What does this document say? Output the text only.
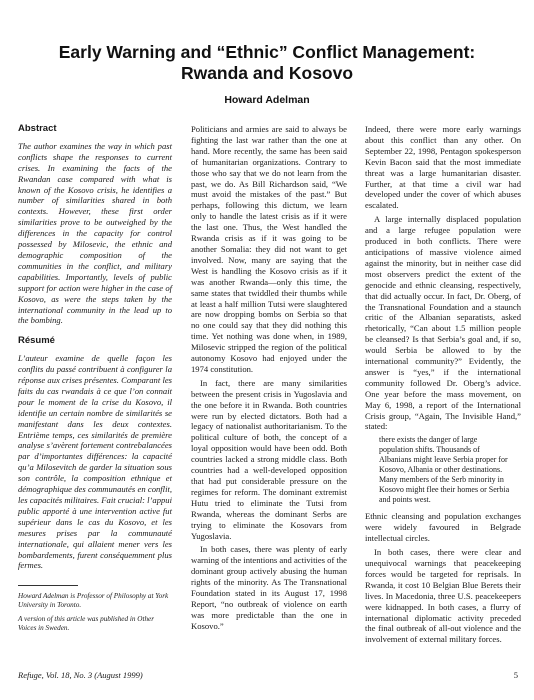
Early Warning and “Ethnic” Conflict Management: Rwanda and Kosovo
Howard Adelman
Abstract

The author examines the way in which past conflicts shape the responses to current crises. In examining the facts of the Rwandan case compared with what is known of the Kosovo crisis, he identifies a number of similarities shared in both contexts. However, these first order similarities prove to be outweighed by the differences in the capacity for control possessed by Milosevic, the ethnic and demographic composition of the communities in the conflict, and military capabilities. Importantly, levels of public support for action were higher in the case of Kosovo, as were the steps taken by the international community in the lead up to the bombing.

Résumé

L’auteur examine de quelle façon les conflits du passé contribuent à configurer la réponse aux crises présentes. Comparant les faits du cas rwandais à ce que l’on connait pour le moment de la crise du Kosovo, il identifie un certain nombre de similarités se manifestant dans les deux contextes. Entrième temps, ces similarités de première analyse s’avèrent fortement contrebalancées par d’importantes différences: la capacité qu’a Milosevitch de garder la situation sous son contrôle, la composition ethnique et démographique des communautés en conflit, les capacités militaires. Fait crucial: l’appui public apporté à une intervention active fut supérieur dans le cas du Kosovo, et les mesures prises par la communauté internationale, qui allaient mener vers les bombardements, furent conséquemment plus fermes.

Howard Adelman is Professor of Philosophy at York University in Toronto.
A version of this article was published in Other Voices in Sweden.

Politicians and armies are said to always be fighting the last war rather than the one at hand. More recently, the same has been said of humanitarian organizations. Contrary to those who say that we do not learn from the past, we do. As Bill Richardson said, “We must avoid the mistakes of the past.” But perhaps, following this dictum, we learn only to handle the latest crisis as if it were the last one. Thus, the West handled the Rwanda crisis as if it was going to be another Somalia: they did not want to get involved. Now, many are saying that the West is handling the Kosovo crisis as if it was another Rwanda—only this time, the same states that twiddled their thumbs while at least a half million Tutsi were slaughtered are now dropping bombs on Serbia so that no one could say that they did nothing this time. Yet nothing was done when, in 1989, Milosevic stripped the region of the political autonomy Kosovo had enjoyed under the 1974 constitution.

In fact, there are many similarities between the present crisis in Yugoslavia and the one before it in Rwanda. Both countries were run by elected dictators. Both had a legacy of nationalist authoritarianism. To the political culture of both, the concept of a loyal opposition would have been odd. Both countries lacked a strong middle class. Both countries had a well-developed opposition that had put considerable pressure on the regimes for reform. The dominant extremist Hutu tried to eliminate the Tutsi from Rwanda, whereas the dominant Serbs are trying to eliminate the Kosovars from Yugoslavia.

In both cases, there was plenty of early warning of the intentions and activities of the dominant group actively abusing the human rights of the minority. As The Transnational Foundation stated in its August 17, 1998 Report, “no outbreak of violence on earth was more predictable than the one in Kosovo.”

Indeed, there were more early warnings about this conflict than any other. On September 22, 1998, Pentagon spokesperson Kevin Bacon said that the most immediate threat was a large humanitarian disaster. Further, at that time a civil war had developed under the cover of which abuses escalated.

A large internally displaced population and a large refugee population were produced in both conflicts. There were anticipations of massive violence aimed against the minority, but in neither case did most observers predict the extent of the genocide and ethnic cleansing, respectively, that did actually occur. In fact, Dr. Oberg, of the Transnational Foundation and a staunch critic of the Albanian separatists, asked rhetorically, “Can about 1.5 million people be cleansed? Is that Serbia’s goal and, if so, would Serbia be allowed to by the international community?” Evidently, the answer is “yes,” if the international community followed Dr. Oberg’s advice. One year before the mass movement, on May 6, 1998, a report of the International Crisis group, “Again, The Invisible Hand,” stated:

there exists the danger of large population shifts. Thousands of Albanians might leave Serbia proper for Kosovo, Albania or other destinations. Many members of the Serb minority in Kosovo might flee their homes or Serbia and points west.

Ethnic cleansing and population exchanges were widely favoured in Belgrade intellectual circles.

In both cases, there were clear and unequivocal warnings that peacekeeping forces would be targeted for reprisals. In Rwanda, it cost 10 Belgian Blue Berets their lives. In Macedonia, three U.S. peacekeepers were kidnapped. In both cases, a flurry of international diplomatic activity preceded the final outbreak of all-out violence and the involvement of external military forces.

Refuge, Vol. 18, No. 3 (August 1999)	5
